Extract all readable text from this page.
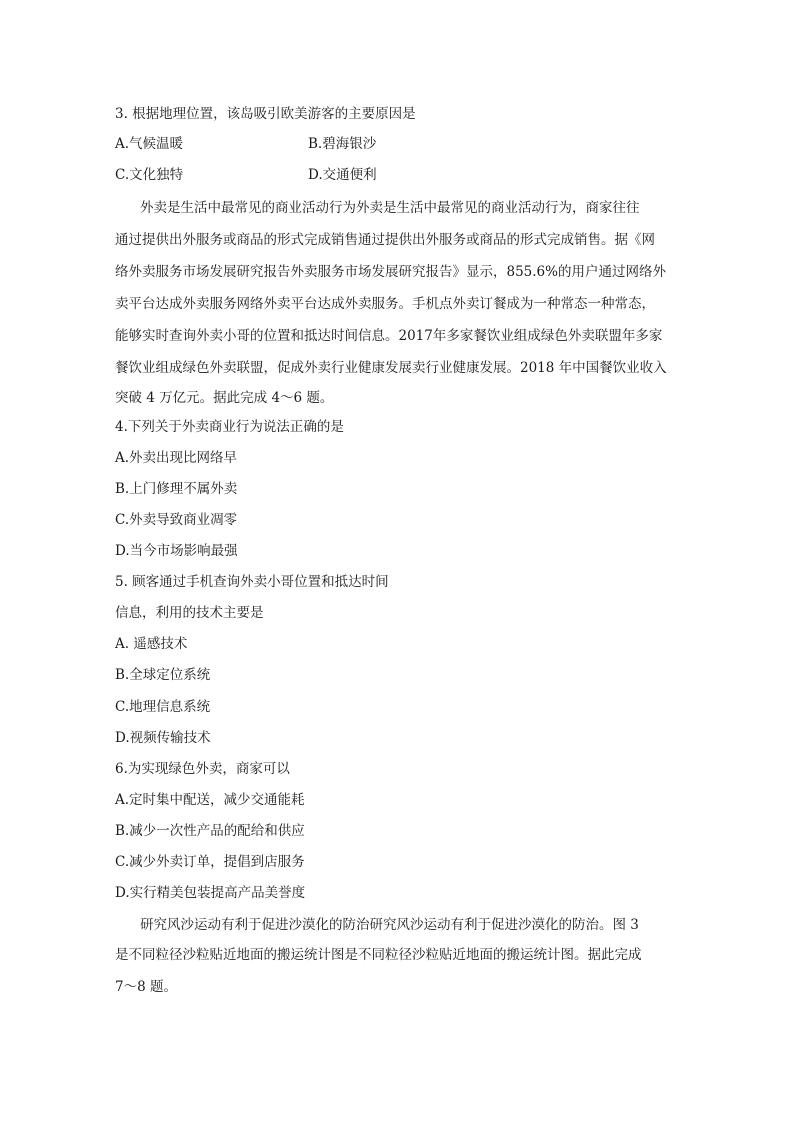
3. 根据地理位置，该岛吸引欧美游客的主要原因是
A.气候温暖	B.碧海银沙
C.文化独特	D.交通便利
外卖是生活中最常见的商业活动行为外卖是生活中最常见的商业活动行为，商家往往
通过提供出外服务或商品的形式完成销售通过提供出外服务或商品的形式完成销售。据《网
络外卖服务市场发展研究报告外卖服务市场发展研究报告》显示，855.6%的用户通过网络外
卖平台达成外卖服务网络外卖平台达成外卖服务。手机点外卖订餐成为一种常态一种常态，
能够实时查询外卖小哥的位置和抵达时间信息。2017年多家餐饮业组成绿色外卖联盟年多家
餐饮业组成绿色外卖联盟，促成外卖行业健康发展卖行业健康发展。2018 年中国餐饮业收入
突破 4 万亿元。据此完成 4～6 题。
4.下列关于外卖商业行为说法正确的是
A.外卖出现比网络早
B.上门修理不属外卖
C.外卖导致商业凋零
D.当今市场影响最强
5. 顾客通过手机查询外卖小哥位置和抵达时间
信息，利用的技术主要是
A. 遥感技术
B.全球定位系统
C.地理信息系统
D.视频传输技术
6.为实现绿色外卖，商家可以
A.定时集中配送，减少交通能耗
B.减少一次性产品的配给和供应
C.减少外卖订单，提倡到店服务
D.实行精美包装提高产品美誉度
研究风沙运动有利于促进沙漠化的防治研究风沙运动有利于促进沙漠化的防治。图 3
是不同粒径沙粒贴近地面的搬运统计图是不同粒径沙粒贴近地面的搬运统计图。据此完成
7～8 题。
